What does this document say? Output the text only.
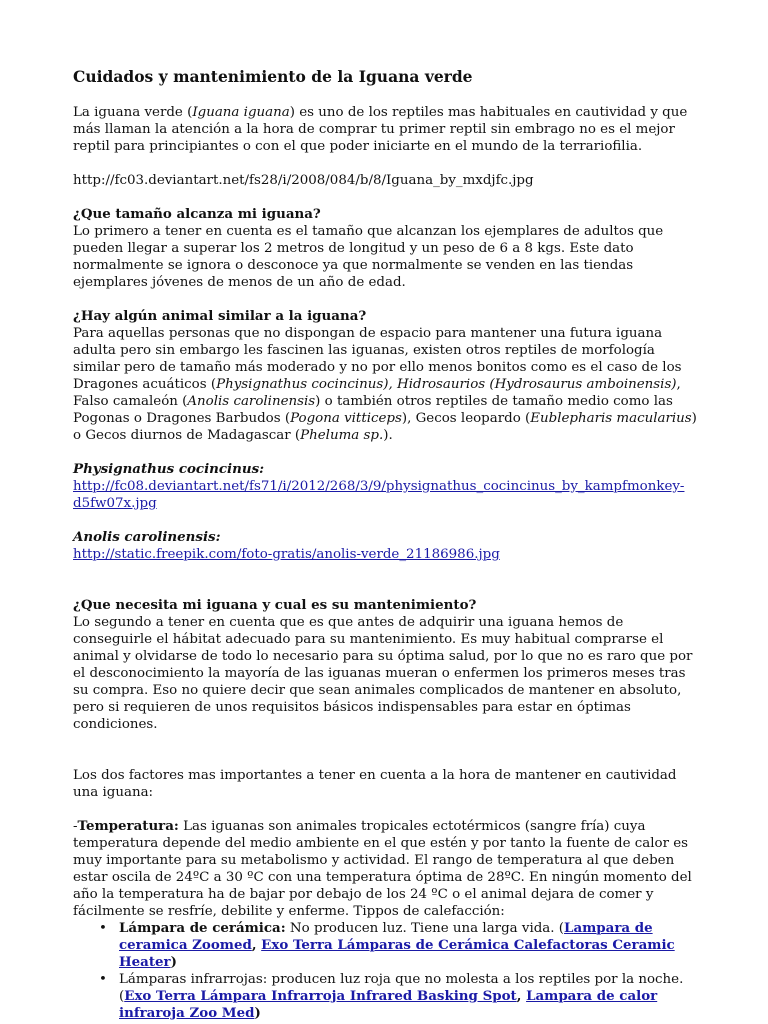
Cuidados y mantenimiento de la Iguana verde

La iguana verde (Iguana iguana) es uno de los reptiles mas habituales en cautividad y que más llaman la atención a la hora de comprar tu primer reptil sin embrago no es el mejor reptil para principiantes o con el que poder iniciarte en el mundo de la terrariofilia.

http://fc03.deviantart.net/fs28/i/2008/084/b/8/Iguana_by_mxdjfc.jpg

¿Que tamaño alcanza mi iguana?
Lo primero a tener en cuenta es el tamaño que alcanzan los ejemplares de adultos que pueden llegar a superar los 2 metros de longitud y un peso de 6 a 8 kgs. Este dato normalmente se ignora o desconoce ya que normalmente se venden en las tiendas ejemplares jóvenes de menos de un año de edad.

¿Hay algún animal similar a la iguana?
Para aquellas personas que no dispongan de espacio para mantener una futura iguana adulta pero sin embargo les fascinen las iguanas, existen otros reptiles de morfología similar pero de tamaño más moderado y no por ello menos bonitos como es el caso de los Dragones acuáticos (Physignathus cocincinus), Hidrosaurios (Hydrosaurus amboinensis), Falso camaleón (Anolis carolinensis) o también otros reptiles de tamaño medio como las Pogonas o Dragones Barbudos (Pogona vitticeps), Gecos leopardo (Eublepharis macularius) o Gecos diurnos de Madagascar (Pheluma sp.).

Physignathus cocincinus:
http://fc08.deviantart.net/fs71/i/2012/268/3/9/physignathus_cocincinus_by_kampfmonkey-d5fw07x.jpg

Anolis carolinensis:
http://static.freepik.com/foto-gratis/anolis-verde_21186986.jpg

¿Que necesita mi iguana y cual es su mantenimiento?
Lo segundo a tener en cuenta que es que antes de adquirir una iguana hemos de conseguirle el hábitat adecuado para su mantenimiento. Es muy habitual comprarse el animal y olvidarse de todo lo necesario para su óptima salud, por lo que no es raro que por el desconocimiento la mayoría de las iguanas mueran o enfermen los primeros meses tras su compra. Eso no quiere decir que sean animales complicados de mantener en absoluto, pero si requieren de unos requisitos básicos indispensables para estar en óptimas condiciones.

Los dos factores mas importantes a tener en cuenta a la hora de mantener en cautividad una iguana:

-Temperatura: Las iguanas son animales tropicales ectotérmicos (sangre fría) cuya temperatura depende del medio ambiente en el que estén y por tanto la fuente de calor es muy importante para su metabolismo y actividad. El rango de temperatura al que deben estar oscila de 24ºC a 30 ºC con una temperatura óptima de 28ºC. En ningún momento del año la temperatura ha de bajar por debajo de los 24 ºC o el animal dejara de comer y fácilmente se resfríe, debilite y enferme. Tippos de calefacción:

• Lámpara de cerámica: No producen luz. Tiene una larga vida. (Lampara de ceramica Zoomed, Exo Terra Lámparas de Cerámica Calefactoras Ceramic Heater)
• Lámparas infrarrojas: producen luz roja que no molesta a los reptiles por la noche. (Exo Terra Lámpara Infrarroja Infrared Basking Spot, Lampara de calor infraroja Zoo Med)
